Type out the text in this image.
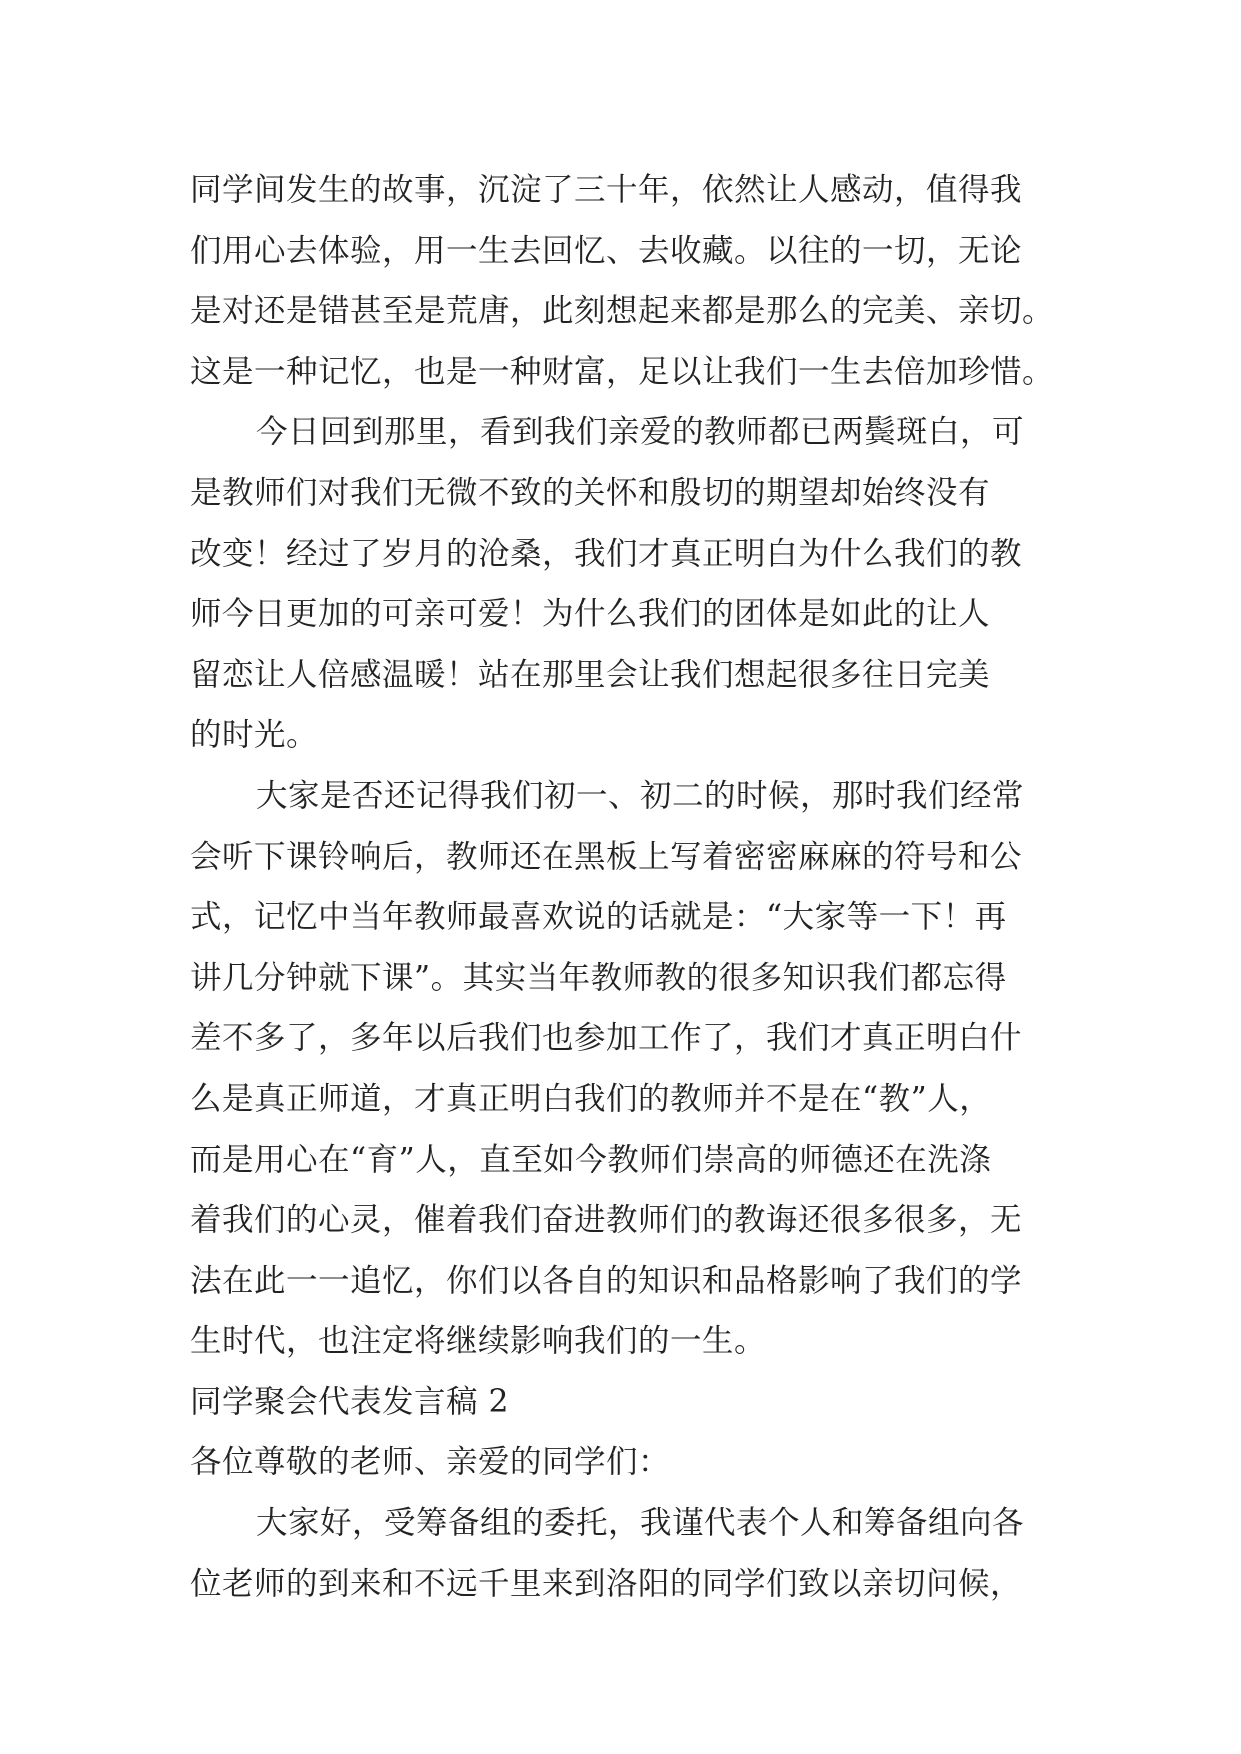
同学间发生的故事，沉淀了三十年，依然让人感动，值得我
们用心去体验，用一生去回忆、去收藏。以往的一切，无论
是对还是错甚至是荒唐，此刻想起来都是那么的完美、亲切。
这是一种记忆，也是一种财富，足以让我们一生去倍加珍惜。
今日回到那里，看到我们亲爱的教师都已两鬓斑白，可
是教师们对我们无微不致的关怀和殷切的期望却始终没有
改变！经过了岁月的沧桑，我们才真正明白为什么我们的教
师今日更加的可亲可爱！为什么我们的团体是如此的让人
留恋让人倍感温暖！站在那里会让我们想起很多往日完美
的时光。
大家是否还记得我们初一、初二的时候，那时我们经常
会听下课铃响后，教师还在黑板上写着密密麻麻的符号和公
式，记忆中当年教师最喜欢说的话就是：“大家等一下！再
讲几分钟就下课”。其实当年教师教的很多知识我们都忘得
差不多了，多年以后我们也参加工作了，我们才真正明白什
么是真正师道，才真正明白我们的教师并不是在“教”人，
而是用心在“育”人，直至如今教师们崇高的师德还在洗涤
着我们的心灵，催着我们奋进教师们的教诲还很多很多，无
法在此一一追忆，你们以各自的知识和品格影响了我们的学
生时代，也注定将继续影响我们的一生。
同学聚会代表发言稿 2
各位尊敬的老师、亲爱的同学们：
大家好，受筹备组的委托，我谨代表个人和筹备组向各
位老师的到来和不远千里来到洛阳的同学们致以亲切问候，
